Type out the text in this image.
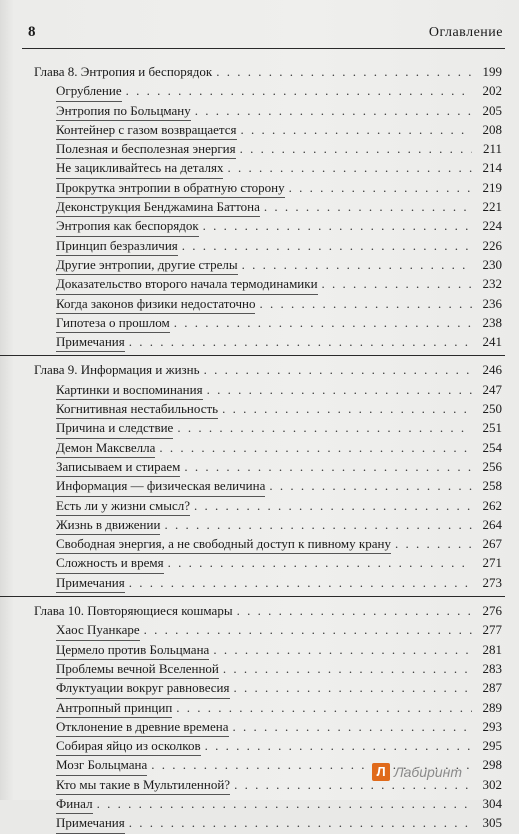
8	Оглавление
Глава 8. Энтропия и беспорядок . . .	199
Огрубление . . .	202
Энтропия по Больцману . . .	205
Контейнер с газом возвращается . . .	208
Полезная и бесполезная энергия . . .	211
Не зацикливайтесь на деталях . . .	214
Прокрутка энтропии в обратную сторону . . .	219
Деконструкция Бенджамина Баттона . . .	221
Энтропия как беспорядок . . .	224
Принцип безразличия . . .	226
Другие энтропии, другие стрелы . . .	230
Доказательство второго начала термодинамики . . .	232
Когда законов физики недостаточно . . .	236
Гипотеза о прошлом . . .	238
Примечания . . .	241
Глава 9. Информация и жизнь . . .	246
Картинки и воспоминания . . .	247
Когнитивная нестабильность . . .	250
Причина и следствие . . .	251
Демон Максвелла . . .	254
Записываем и стираем . . .	256
Информация — физическая величина . . .	258
Есть ли у жизни смысл? . . .	262
Жизнь в движении . . .	264
Свободная энергия, а не свободный доступ к пивному крану . . .	267
Сложность и время . . .	271
Примечания . . .	273
Глава 10. Повторяющиеся кошмары . . .	276
Хаос Пуанкаре . . .	277
Цермело против Больцмана . . .	281
Проблемы вечной Вселенной . . .	283
Флуктуации вокруг равновесия . . .	287
Антропный принцип . . .	289
Отклонение в древние времена . . .	293
Собирая яйцо из осколков . . .	295
Мозг Больцмана . . .	298
Кто мы такие в Мультиленной? . . .	302
Финал . . .	304
Примечания . . .	305
Л Лабиринт
